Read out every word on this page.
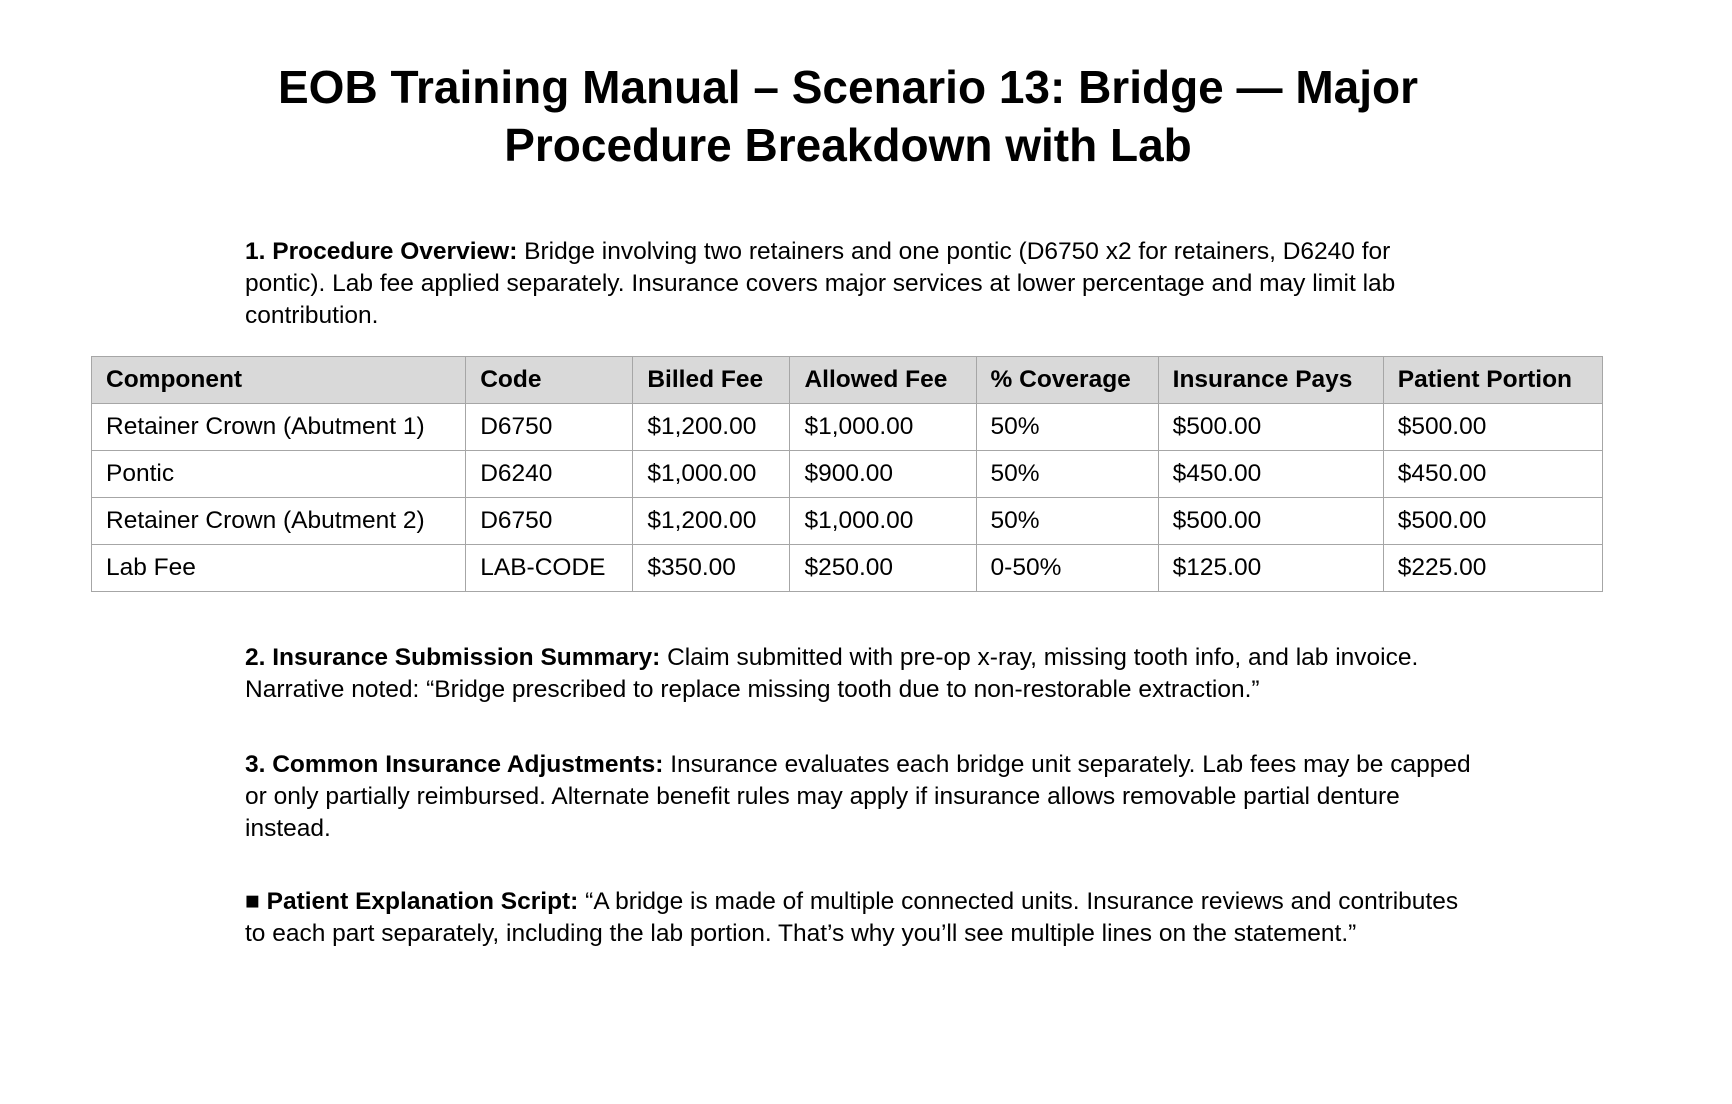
EOB Training Manual – Scenario 13: Bridge — Major Procedure Breakdown with Lab

1. Procedure Overview: Bridge involving two retainers and one pontic (D6750 x2 for retainers, D6240 for pontic). Lab fee applied separately. Insurance covers major services at lower percentage and may limit lab contribution.

Component	Code	Billed Fee	Allowed Fee	% Coverage	Insurance Pays	Patient Portion
Retainer Crown (Abutment 1)	D6750	$1,200.00	$1,000.00	50%	$500.00	$500.00
Pontic	D6240	$1,000.00	$900.00	50%	$450.00	$450.00
Retainer Crown (Abutment 2)	D6750	$1,200.00	$1,000.00	50%	$500.00	$500.00
Lab Fee	LAB-CODE	$350.00	$250.00	0-50%	$125.00	$225.00

2. Insurance Submission Summary: Claim submitted with pre-op x-ray, missing tooth info, and lab invoice. Narrative noted: “Bridge prescribed to replace missing tooth due to non-restorable extraction.”

3. Common Insurance Adjustments: Insurance evaluates each bridge unit separately. Lab fees may be capped or only partially reimbursed. Alternate benefit rules may apply if insurance allows removable partial denture instead.

■ Patient Explanation Script: “A bridge is made of multiple connected units. Insurance reviews and contributes to each part separately, including the lab portion. That’s why you’ll see multiple lines on the statement.”
